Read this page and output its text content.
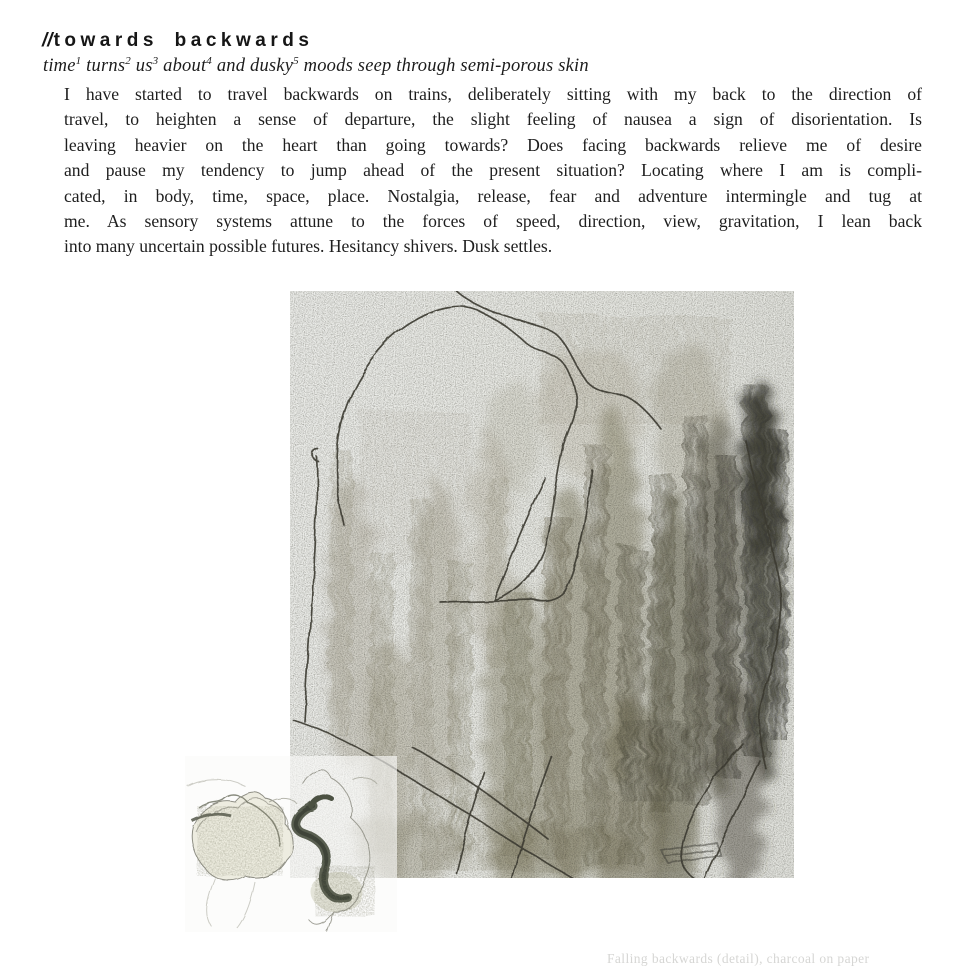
//towards backwards
time$^1$ turns$^2$ $us^3$ about$^4$ and dusky$^5$ moods seep through semi-porous skin
I have started to travel backwards on trains, deliberately sitting with my back to the direction of
travel, to heighten a sense of departure, the slight feeling of nausea a sign of disorientation. Is
leaving heavier on the heart than going towards? Does facing backwards relieve me of desire
and pause my tendency to jump ahead of the present situation? Locating where I am is compli-
cated, in body, time, space, place. Nostalgia, release, fear and adventure intermingle and tug at
me. As sensory systems attune to the forces of speed, direction, view, gravitation, I lean back
into many uncertain possible futures. Hesitancy shivers. Dusk settles.
Falling backwards (detail), charcoal on paper
